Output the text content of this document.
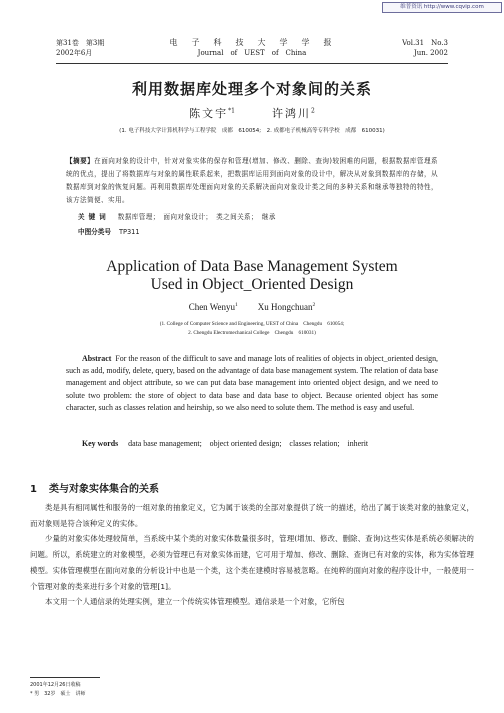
维普资讯 http://www.cqvip.com
第31卷　第3期
2002年6月
电　子　科　技　大　学　学　报
Journal　of　UEST　of　China
Vol.31　No.3
Jun. 2002
利用数据库处理多个对象间的关系
陈文宇$^{*1}$	许鸿川$^2$
(1. 电子科技大学计算机科学与工程学院　成都　610054;　2. 成都电子机械高等专科学校　成都　610031)
【摘要】在面向对象的设计中，针对对象实体的保存和管理(增加、修改、删除、查询)较困难的问题，根据数据库管理系统的优点，提出了将数据库与对象的属性联系起来，把数据库运用到面向对象的设计中，解决从对象到数据库的存储，从数据库到对象的恢复问题。再利用数据库处理面向对象的关系解决面向对象设计类之间的多种关系和继承等独特的特性，该方法简便、实用。
关键词 数据库管理；　面向对象设计；　类之间关系；　继承
中图分类号 TP311
Application of Data Base Management System
Used in Object_Oriented Design
Chen Wenyu$^1$ Xu Hongchuan$^2$
(1. College of Computer Science and Engineering, UEST of China　Chengdu　610054;
2. Chengdu Electromechanical College　Chengdu　610031)
Abstract For the reason of the difficult to save and manage lots of realities of objects in object_oriented design, such as add, modify, delete, query, based on the advantage of data base management system. The relation of data base management and object attribute, so we can put data base management into oriented object design, and we need to solute two problem: the store of object to data base and data base to object. Because oriented object has some character, such as classes relation and heirship, so we also need to solute them. The method is easy and useful.
Key words data base management;　object oriented design;　classes relation;　inherit
1 类与对象实体集合的关系

类是具有相同属性和服务的一组对象的抽象定义，它为属于该类的全部对象提供了统一的描述，给出了属于该类对象的抽象定义，而对象则是符合该种定义的实体。

少量的对象实体处理较简单，当系统中某个类的对象实体数量很多时，管理(增加、修改、删除、查询)这些实体是系统必须解决的问题。所以，系统建立的对象模型，必须为管理已有对象实体而建，它可用于增加、修改、删除、查询已有对象的实体，称为实体管理模型。实体管理模型在面向对象的分析设计中也是一个类，这个类在建模时容易被忽略。在纯粹的面向对象的程序设计中，一般使用一个管理对象的类来进行多个对象的管理[1]。

本文用一个人通信录的处理实例，建立一个传统实体管理模型。通信录是一个对象，它所包

2001年12月26日收稿
* 男　32岁　硕士　讲师
